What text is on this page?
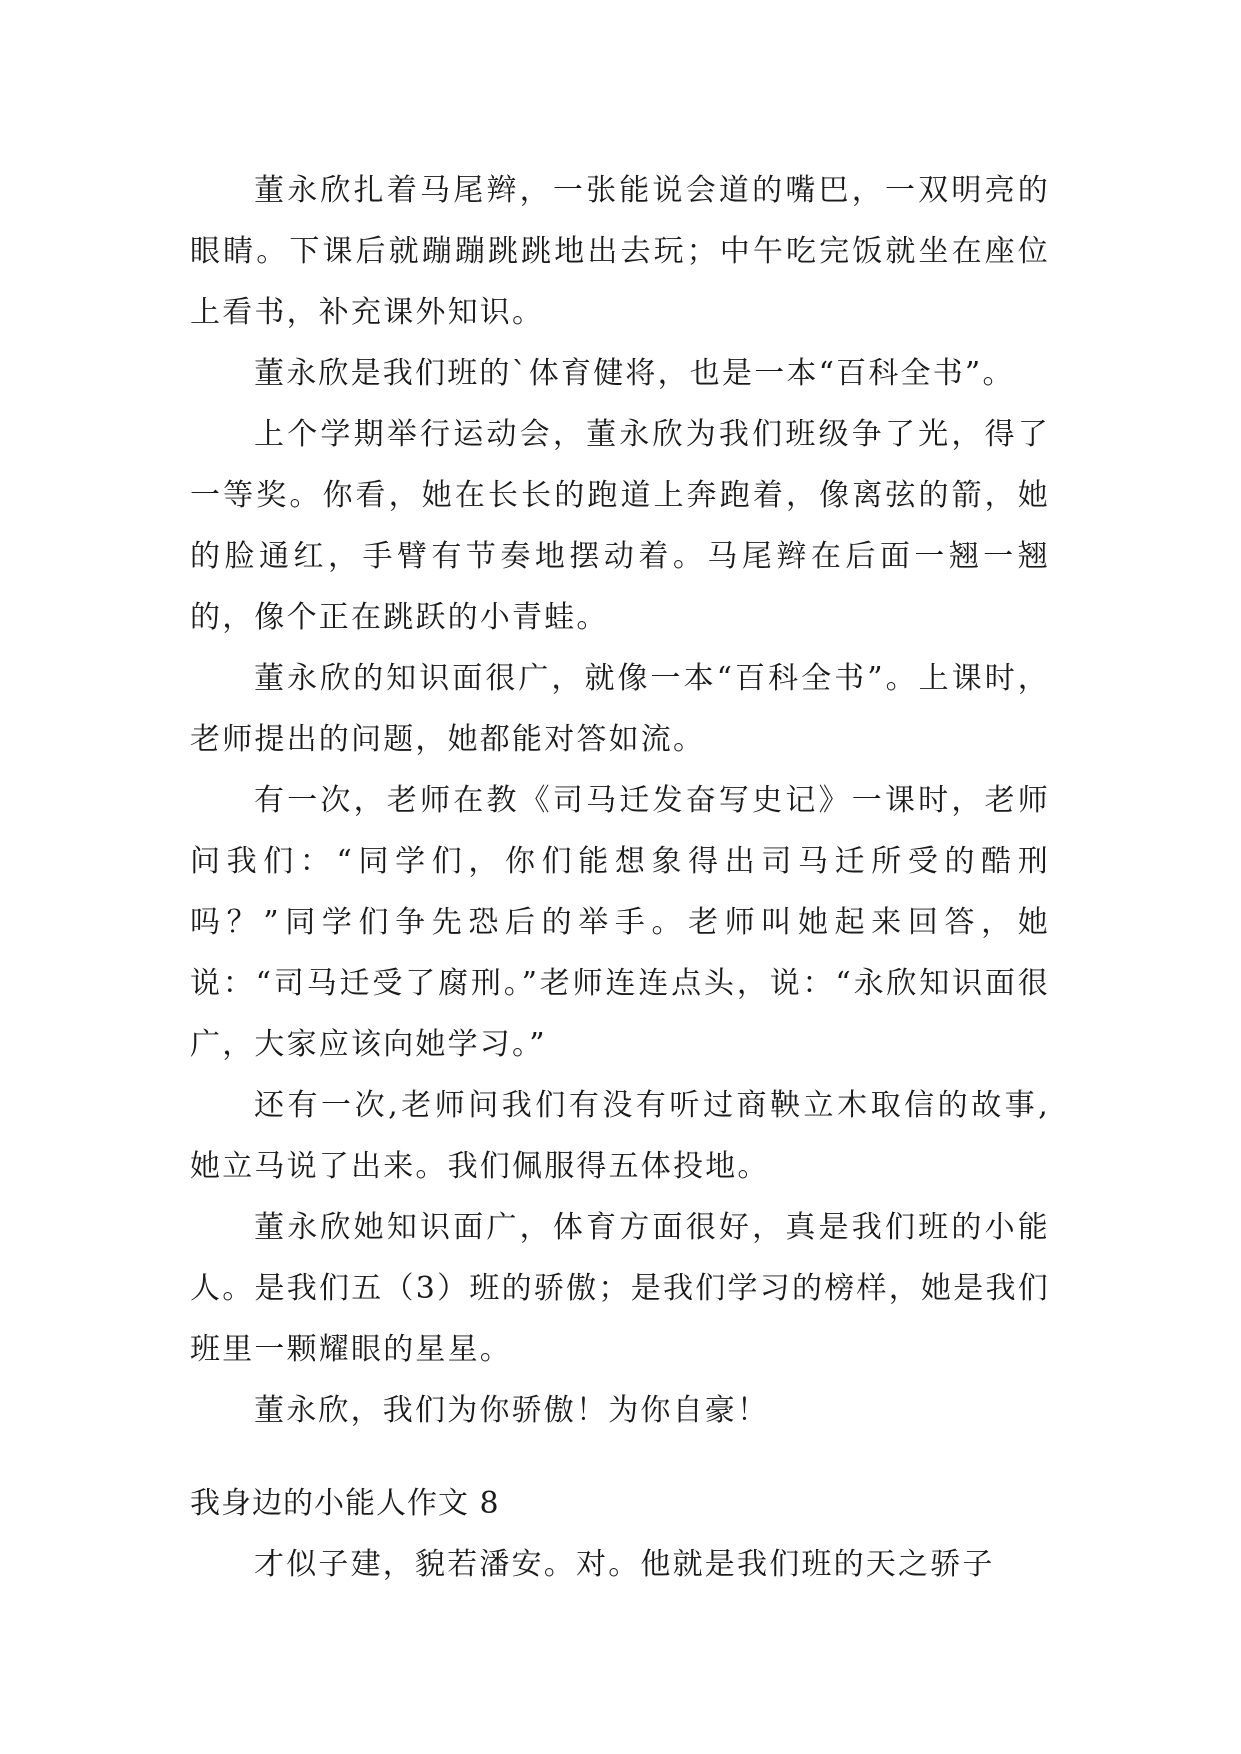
董永欣扎着马尾辫，一张能说会道的嘴巴，一双明亮的眼睛。下课后就蹦蹦跳跳地出去玩；中午吃完饭就坐在座位上看书，补充课外知识。

董永欣是我们班的`体育健将，也是一本“百科全书”。

上个学期举行运动会，董永欣为我们班级争了光，得了一等奖。你看，她在长长的跑道上奔跑着，像离弦的箭，她的脸通红，手臂有节奏地摆动着。马尾辫在后面一翘一翘的，像个正在跳跃的小青蛙。

董永欣的知识面很广，就像一本“百科全书”。上课时，老师提出的问题，她都能对答如流。

有一次，老师在教《司马迁发奋写史记》一课时，老师问我们：“同学们，你们能想象得出司马迁所受的酷刑吗？”同学们争先恐后的举手。老师叫她起来回答，她说：“司马迁受了腐刑。”老师连连点头，说：“永欣知识面很广，大家应该向她学习。”

还有一次,老师问我们有没有听过商鞅立木取信的故事,她立马说了出来。我们佩服得五体投地。

董永欣她知识面广，体育方面很好，真是我们班的小能人。是我们五（3）班的骄傲；是我们学习的榜样，她是我们班里一颗耀眼的星星。

董永欣，我们为你骄傲！为你自豪！

我身边的小能人作文 8

才似子建，貌若潘安。对。他就是我们班的天之骄子
